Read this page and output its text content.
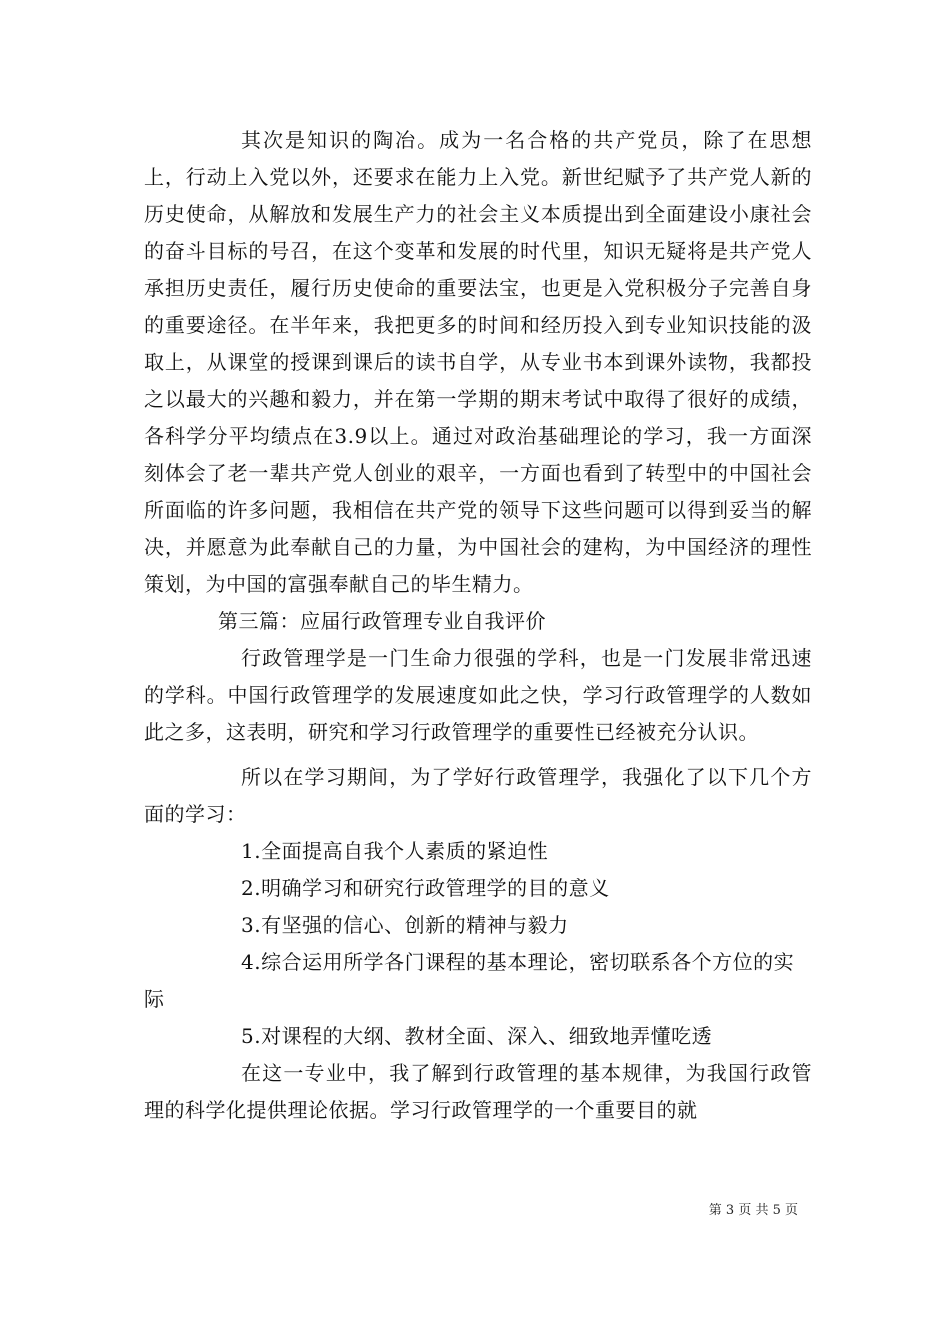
其次是知识的陶冶。成为一名合格的共产党员，除了在思想上，行动上入党以外，还要求在能力上入党。新世纪赋予了共产党人新的历史使命，从解放和发展生产力的社会主义本质提出到全面建设小康社会的奋斗目标的号召，在这个变革和发展的时代里，知识无疑将是共产党人承担历史责任，履行历史使命的重要法宝，也更是入党积极分子完善自身的重要途径。在半年来，我把更多的时间和经历投入到专业知识技能的汲取上，从课堂的授课到课后的读书自学，从专业书本到课外读物，我都投之以最大的兴趣和毅力，并在第一学期的期末考试中取得了很好的成绩，各科学分平均绩点在3.9以上。通过对政治基础理论的学习，我一方面深刻体会了老一辈共产党人创业的艰辛，一方面也看到了转型中的中国社会所面临的许多问题，我相信在共产党的领导下这些问题可以得到妥当的解决，并愿意为此奉献自己的力量，为中国社会的建构，为中国经济的理性策划，为中国的富强奉献自己的毕生精力。

第三篇：应届行政管理专业自我评价

行政管理学是一门生命力很强的学科，也是一门发展非常迅速的学科。中国行政管理学的发展速度如此之快，学习行政管理学的人数如此之多，这表明，研究和学习行政管理学的重要性已经被充分认识。

所以在学习期间，为了学好行政管理学，我强化了以下几个方面的学习：

1.全面提高自我个人素质的紧迫性

2.明确学习和研究行政管理学的目的意义

3.有坚强的信心、创新的精神与毅力

4.综合运用所学各门课程的基本理论，密切联系各个方位的实际

5.对课程的大纲、教材全面、深入、细致地弄懂吃透

在这一专业中，我了解到行政管理的基本规律，为我国行政管理的科学化提供理论依据。学习行政管理学的一个重要目的就

第 3 页 共 5 页
